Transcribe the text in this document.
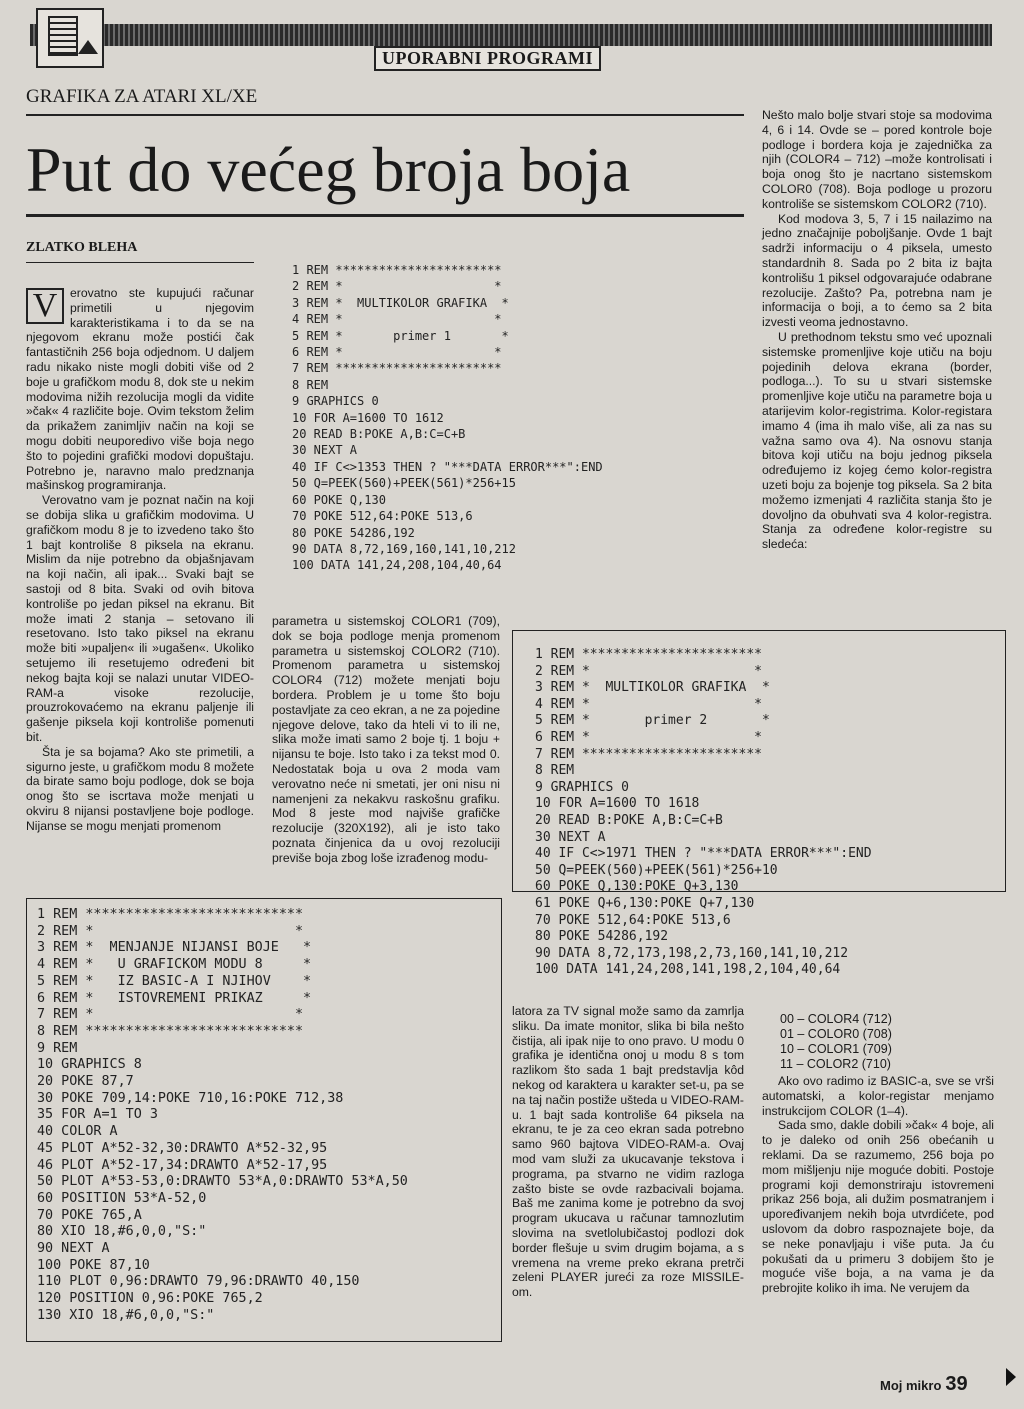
UPORABNI PROGRAMI
GRAFIKA ZA ATARI XL/XE
Put do većeg broja boja
ZLATKO BLEHA

V	erovatno ste kupujući računar primetili u njegovim karakteristikama i to da se na njegovom ekranu može postići čak fantastičnih 256 boja odjednom. U daljem radu nikako niste mogli dobiti više od 2 boje u grafičkom modu 8, dok ste u nekim modovima nižih rezolucija mogli da vidite »čak« 4 različite boje. Ovim tekstom želim da prikažem zanimljiv način na koji se mogu dobiti neuporedivo više boja nego što to pojedini grafički modovi dopuštaju. Potrebno je, naravno malo predznanja mašinskog programiranja.

Verovatno vam je poznat način na koji se dobija slika u grafičkim modovima. U grafičkom modu 8 je to izvedeno tako što 1 bajt kontroliše 8 piksela na ekranu. Mislim da nije potrebno da objašnjavam na koji način, ali ipak... Svaki bajt se sastoji od 8 bita. Svaki od ovih bitova kontroliše po jedan piksel na ekranu. Bit može imati 2 stanja – setovano ili resetovano. Isto tako piksel na ekranu može biti »upaljen« ili »ugašen«. Ukoliko setujemo ili resetujemo određeni bit nekog bajta koji se nalazi unutar VIDEO-RAM-a visoke rezolucije, prouzrokovaćemo na ekranu paljenje ili gašenje piksela koji kontroliše pomenuti bit.

Šta je sa bojama? Ako ste primetili, a sigurno jeste, u grafičkom modu 8 možete da birate samo boju podloge, dok se boja onog što se iscrtava može menjati u okviru 8 nijansi postavljene boje podloge. Nijanse se mogu menjati promenom

1 REM ***********************
2 REM *                     *
3 REM *  MULTIKOLOR GRAFIKA  *
4 REM *                     *
5 REM *       primer 1       *
6 REM *                     *
7 REM ***********************
8 REM
9 GRAPHICS 0
10 FOR A=1600 TO 1612
20 READ B:POKE A,B:C=C+B
30 NEXT A
40 IF C<>1353 THEN ? "***DATA ERROR***":END
50 Q=PEEK(560)+PEEK(561)*256+15
60 POKE Q,130
70 POKE 512,64:POKE 513,6
80 POKE 54286,192
90 DATA 8,72,169,160,141,10,212
100 DATA 141,24,208,104,40,64

parametra u sistemskoj COLOR1 (709), dok se boja podloge menja promenom parametra u sistemskoj COLOR2 (710). Promenom parametra u sistemskoj COLOR4 (712) možete menjati boju bordera. Problem je u tome što boju postavljate za ceo ekran, a ne za pojedine njegove delove, tako da hteli vi to ili ne, slika može imati samo 2 boje tj. 1 boju + nijansu te boje. Isto tako i za tekst mod 0. Nedostatak boja u ova 2 moda vam verovatno neće ni smetati, jer oni nisu ni namenjeni za nekakvu raskošnu grafiku. Mod 8 jeste mod najviše grafičke rezolucije (320X192), ali je isto tako poznata činjenica da u ovoj rezoluciji previše boja zbog loše izrađenog modu-

Nešto malo bolje stvari stoje sa modovima 4, 6 i 14. Ovde se – pored kontrole boje podloge i bordera koja je zajednička za njih (COLOR4 – 712) –može kontrolisati i boja onog što je nacrtano sistemskom COLOR0 (708). Boja podloge u prozoru kontroliše se sistemskom COLOR2 (710).

Kod modova 3, 5, 7 i 15 nailazimo na jedno značajnije poboljšanje. Ovde 1 bajt sadrži informaciju o 4 piksela, umesto standardnih 8. Sada po 2 bita iz bajta kontrolišu 1 piksel odgovarajuće odabrane rezolucije. Zašto? Pa, potrebna nam je informacija o boji, a to ćemo sa 2 bita izvesti veoma jednostavno.

U prethodnom tekstu smo već upoznali sistemske promenljive koje utiču na boju pojedinih delova ekrana (border, podloga...). To su u stvari sistemske promenljive koje utiču na parametre boja u atarijevim kolor-registrima. Kolor-registara imamo 4 (ima ih malo više, ali za nas su važna samo ova 4). Na osnovu stanja bitova koji utiču na boju jednog piksela određujemo iz kojeg ćemo kolor-registra uzeti boju za bojenje tog piksela. Sa 2 bita možemo izmenjati 4 različita stanja što je dovoljno da obuhvati sva 4 kolor-registra. Stanja za određene kolor-registre su sledeća:

1 REM ***********************
2 REM *                     *
3 REM *  MULTIKOLOR GRAFIKA  *
4 REM *                     *
5 REM *       primer 2       *
6 REM *                     *
7 REM ***********************
8 REM
9 GRAPHICS 0
10 FOR A=1600 TO 1618
20 READ B:POKE A,B:C=C+B
30 NEXT A
40 IF C<>1971 THEN ? "***DATA ERROR***":END
50 Q=PEEK(560)+PEEK(561)*256+10
60 POKE Q,130:POKE Q+3,130
61 POKE Q+6,130:POKE Q+7,130
70 POKE 512,64:POKE 513,6
80 POKE 54286,192
90 DATA 8,72,173,198,2,73,160,141,10,212
100 DATA 141,24,208,141,198,2,104,40,64
1 REM ***************************
2 REM *                         *
3 REM *  MENJANJE NIJANSI BOJE   *
4 REM *   U GRAFICKOM MODU 8     *
5 REM *   IZ BASIC-A I NJIHOV    *
6 REM *   ISTOVREMENI PRIKAZ     *
7 REM *                         *
8 REM ***************************
9 REM
10 GRAPHICS 8
20 POKE 87,7
30 POKE 709,14:POKE 710,16:POKE 712,38
35 FOR A=1 TO 3
40 COLOR A
45 PLOT A*52-32,30:DRAWTO A*52-32,95
46 PLOT A*52-17,34:DRAWTO A*52-17,95
50 PLOT A*53-53,0:DRAWTO 53*A,0:DRAWTO 53*A,50
60 POSITION 53*A-52,0
70 POKE 765,A
80 XIO 18,#6,0,0,"S:"
90 NEXT A
100 POKE 87,10
110 PLOT 0,96:DRAWTO 79,96:DRAWTO 40,150
120 POSITION 0,96:POKE 765,2
130 XIO 18,#6,0,0,"S:"

latora za TV signal može samo da zamrlja sliku. Da imate monitor, slika bi bila nešto čistija, ali ipak nije to ono pravo. U modu 0 grafika je identična onoj u modu 8 s tom razlikom što sada 1 bajt predstavlja kôd nekog od karaktera u karakter set-u, pa se na taj način postiže ušteda u VIDEO-RAM-u. 1 bajt sada kontroliše 64 piksela na ekranu, te je za ceo ekran sada potrebno samo 960 bajtova VIDEO-RAM-a. Ovaj mod vam služi za ukucavanje tekstova i programa, pa stvarno ne vidim razloga zašto biste se ovde razbacivali bojama. Baš me zanima kome je potrebno da svoj program ukucava u računar tamnozlutim slovima na svetlolubičastoj podlozi dok border flešuje u svim drugim bojama, a s vremena na vreme preko ekrana pretrči zeleni PLAYER jureći za roze MISSILE-om.

00 – COLOR4 (712)
01 – COLOR0 (708)
10 – COLOR1 (709)
11 – COLOR2 (710)

Ako ovo radimo iz BASIC-a, sve se vrši automatski, a kolor-registar menjamo instrukcijom COLOR (1–4).

Sada smo, dakle dobili »čak« 4 boje, ali to je daleko od onih 256 obećanih u reklami. Da se razumemo, 256 boja po mom mišljenju nije moguće dobiti. Postoje programi koji demonstriraju istovremeni prikaz 256 boja, ali dužim posmatranjem i upoređivanjem nekih boja utvrdićete, pod uslovom da dobro raspoznajete boje, da se neke ponavljaju i više puta. Ja ću pokušati da u primeru 3 dobijem što je moguće više boja, a na vama je da prebrojite koliko ih ima. Ne verujem da

Moj mikro 39
